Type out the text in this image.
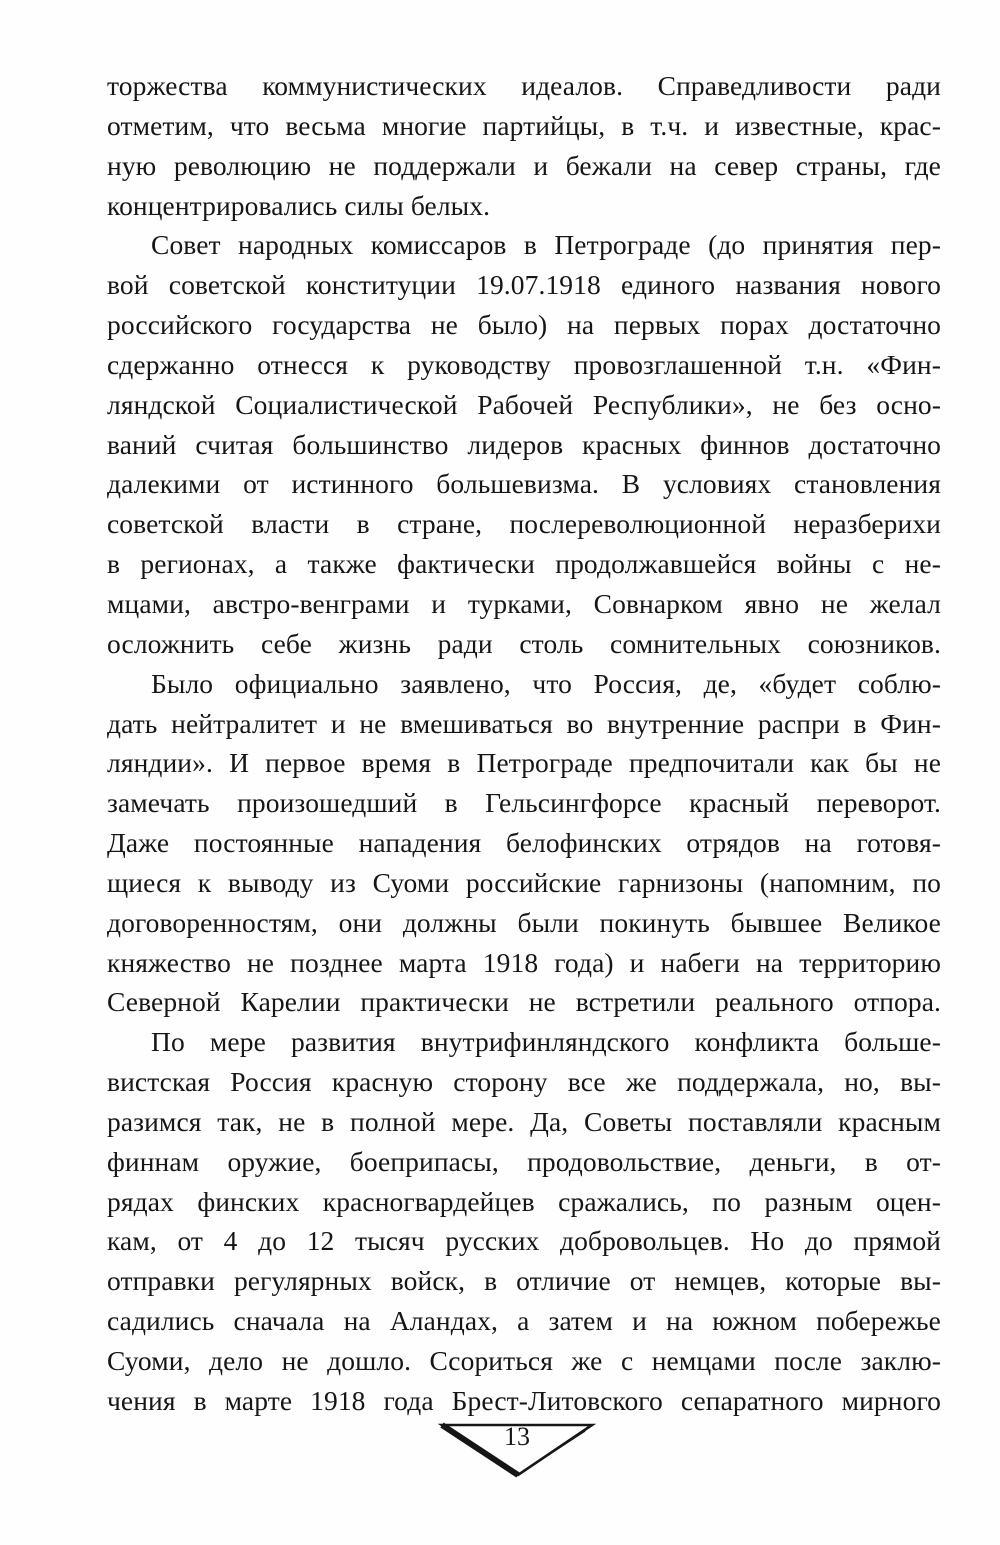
торжества коммунистических идеалов. Справедливости ради
отметим, что весьма многие партийцы, в т.ч. и известные, крас-
ную революцию не поддержали и бежали на север страны, где
концентрировались силы белых.
Совет народных комиссаров в Петрограде (до принятия пер-
вой советской конституции 19.07.1918 единого названия нового
российского государства не было) на первых порах достаточно
сдержанно отнесся к руководству провозглашенной т.н. «Фин-
ляндской Социалистической Рабочей Республики», не без осно-
ваний считая большинство лидеров красных финнов достаточно
далекими от истинного большевизма. В условиях становления
советской власти в стране, послереволюционной неразберихи
в регионах, а также фактически продолжавшейся войны с не-
мцами, австро-венграми и турками, Совнарком явно не желал
осложнить себе жизнь ради столь сомнительных союзников.
Было официально заявлено, что Россия, де, «будет соблю-
дать нейтралитет и не вмешиваться во внутренние распри в Фин-
ляндии». И первое время в Петрограде предпочитали как бы не
замечать произошедший в Гельсингфорсе красный переворот.
Даже постоянные нападения белофинских отрядов на готовя-
щиеся к выводу из Суоми российские гарнизоны (напомним, по
договоренностям, они должны были покинуть бывшее Великое
княжество не позднее марта 1918 года) и набеги на территорию
Северной Карелии практически не встретили реального отпора.
По мере развития внутрифинляндского конфликта больше-
вистская Россия красную сторону все же поддержала, но, вы-
разимся так, не в полной мере. Да, Советы поставляли красным
финнам оружие, боеприпасы, продовольствие, деньги, в от-
рядах финских красногвардейцев сражались, по разным оцен-
кам, от 4 до 12 тысяч русских добровольцев. Но до прямой
отправки регулярных войск, в отличие от немцев, которые вы-
садились сначала на Аландах, а затем и на южном побережье
Суоми, дело не дошло. Ссориться же с немцами после заклю-
чения в марте 1918 года Брест-Литовского сепаратного мирного
13
